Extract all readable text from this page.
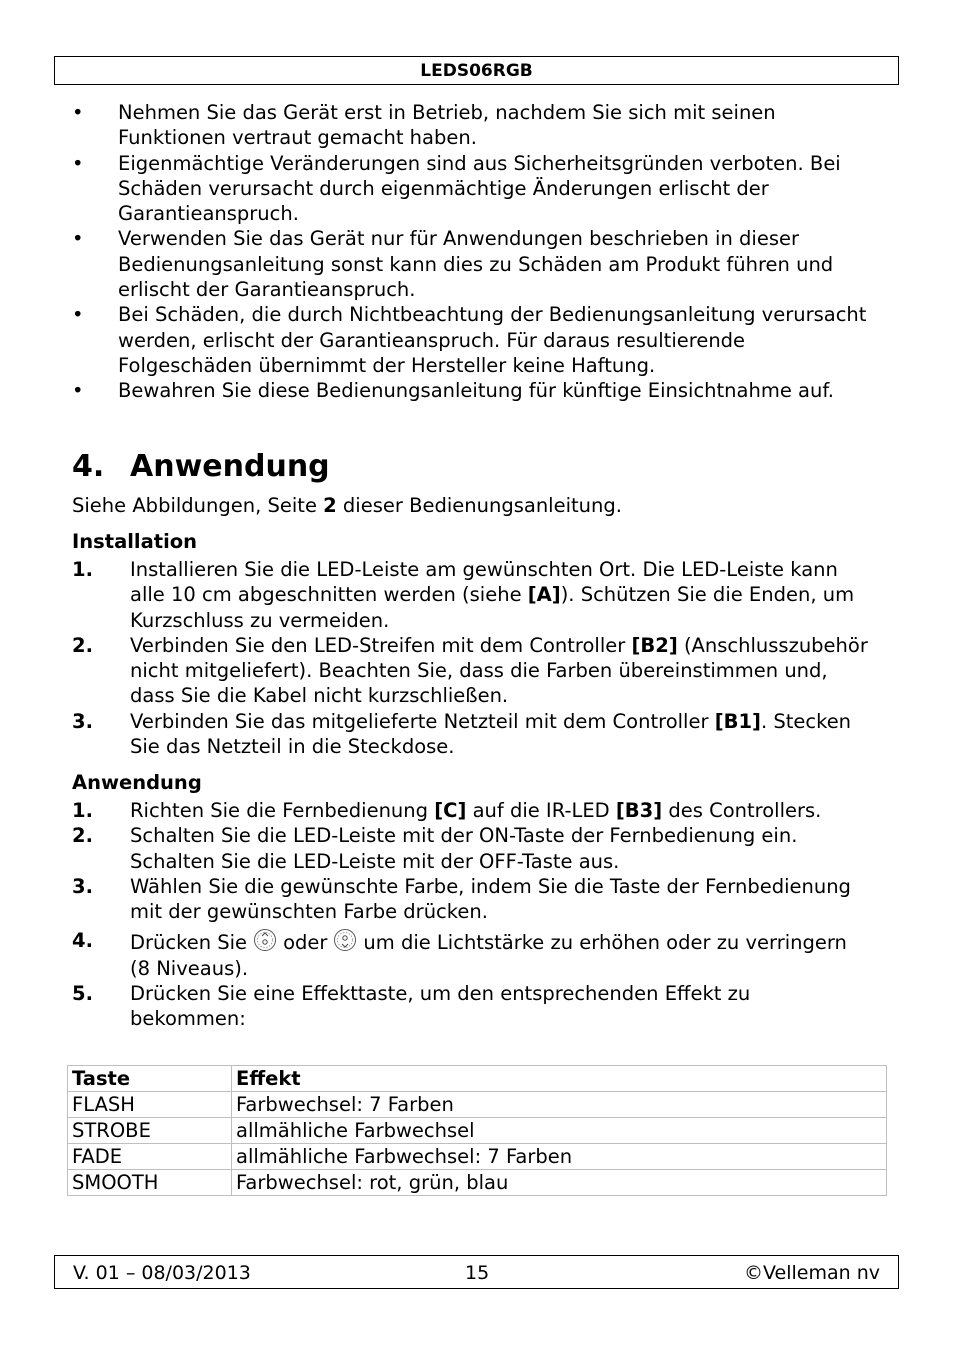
LEDS06RGB
• Nehmen Sie das Gerät erst in Betrieb, nachdem Sie sich mit seinen Funktionen vertraut gemacht haben.
• Eigenmächtige Veränderungen sind aus Sicherheitsgründen verboten. Bei Schäden verursacht durch eigenmächtige Änderungen erlischt der Garantieanspruch.
• Verwenden Sie das Gerät nur für Anwendungen beschrieben in dieser Bedienungsanleitung sonst kann dies zu Schäden am Produkt führen und erlischt der Garantieanspruch.
• Bei Schäden, die durch Nichtbeachtung der Bedienungsanleitung verursacht werden, erlischt der Garantieanspruch. Für daraus resultierende Folgeschäden übernimmt der Hersteller keine Haftung.
• Bewahren Sie diese Bedienungsanleitung für künftige Einsichtnahme auf.
4. Anwendung

Siehe Abbildungen, Seite 2 dieser Bedienungsanleitung.

Installation
1. Installieren Sie die LED-Leiste am gewünschten Ort. Die LED-Leiste kann alle 10 cm abgeschnitten werden (siehe [A]). Schützen Sie die Enden, um Kurzschluss zu vermeiden.
2. Verbinden Sie den LED-Streifen mit dem Controller [B2] (Anschlusszubehör nicht mitgeliefert). Beachten Sie, dass die Farben übereinstimmen und, dass Sie die Kabel nicht kurzschließen.
3. Verbinden Sie das mitgelieferte Netzteil mit dem Controller [B1]. Stecken Sie das Netzteil in die Steckdose.
Anwendung
1. Richten Sie die Fernbedienung [C] auf die IR-LED [B3] des Controllers.
2. Schalten Sie die LED-Leiste mit der ON-Taste der Fernbedienung ein. Schalten Sie die LED-Leiste mit der OFF-Taste aus.
3. Wählen Sie die gewünschte Farbe, indem Sie die Taste der Fernbedienung mit der gewünschten Farbe drücken.
4. Drücken Sie oder um die Lichtstärke zu erhöhen oder zu verringern (8 Niveaus).
5. Drücken Sie eine Effekttaste, um den entsprechenden Effekt zu bekommen:
Taste	Effekt
FLASH	Farbwechsel: 7 Farben
STROBE	allmähliche Farbwechsel
FADE	allmähliche Farbwechsel: 7 Farben
SMOOTH	Farbwechsel: rot, grün, blau
V. 01 – 08/03/2013	15	©Velleman nv
